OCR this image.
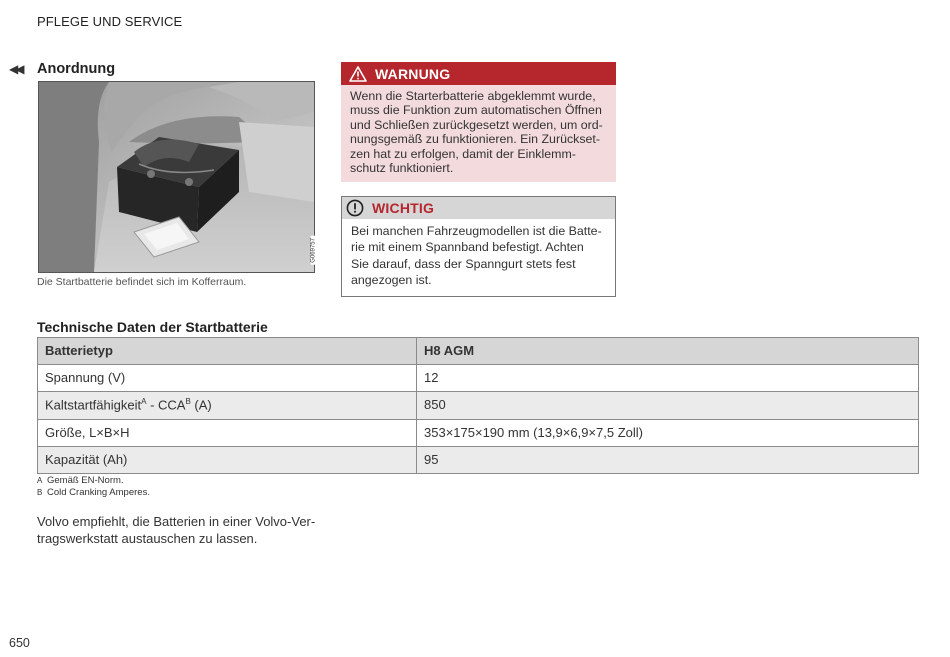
PFLEGE UND SERVICE
◀◀ Anordnung
G069757
Die Startbatterie befindet sich im Kofferraum.
WARNUNG
Wenn die Starterbatterie abgeklemmt wurde,
muss die Funktion zum automatischen Öffnen
und Schließen zurückgesetzt werden, um ord-
nungsgemäß zu funktionieren. Ein Zurückset-
zen hat zu erfolgen, damit der Einklemm-
schutz funktioniert.
WICHTIG
Bei manchen Fahrzeugmodellen ist die Batte-
rie mit einem Spannband befestigt. Achten
Sie darauf, dass der Spanngurt stets fest
angezogen ist.
Technische Daten der Startbatterie
Batterietyp	H8 AGM
Spannung (V)	12
Kaltstartfähigkeit$^A$ - $CCA^B$ (A)	850
Größe, L×B×H	353×175×190 mm (13,9×6,9×7,5 Zoll)
Kapazität (Ah)	95
A Gemäß EN-Norm.
B Cold Cranking Amperes.
Volvo empfiehlt, die Batterien in einer Volvo-Ver-
tragswerkstatt austauschen zu lassen.
650
